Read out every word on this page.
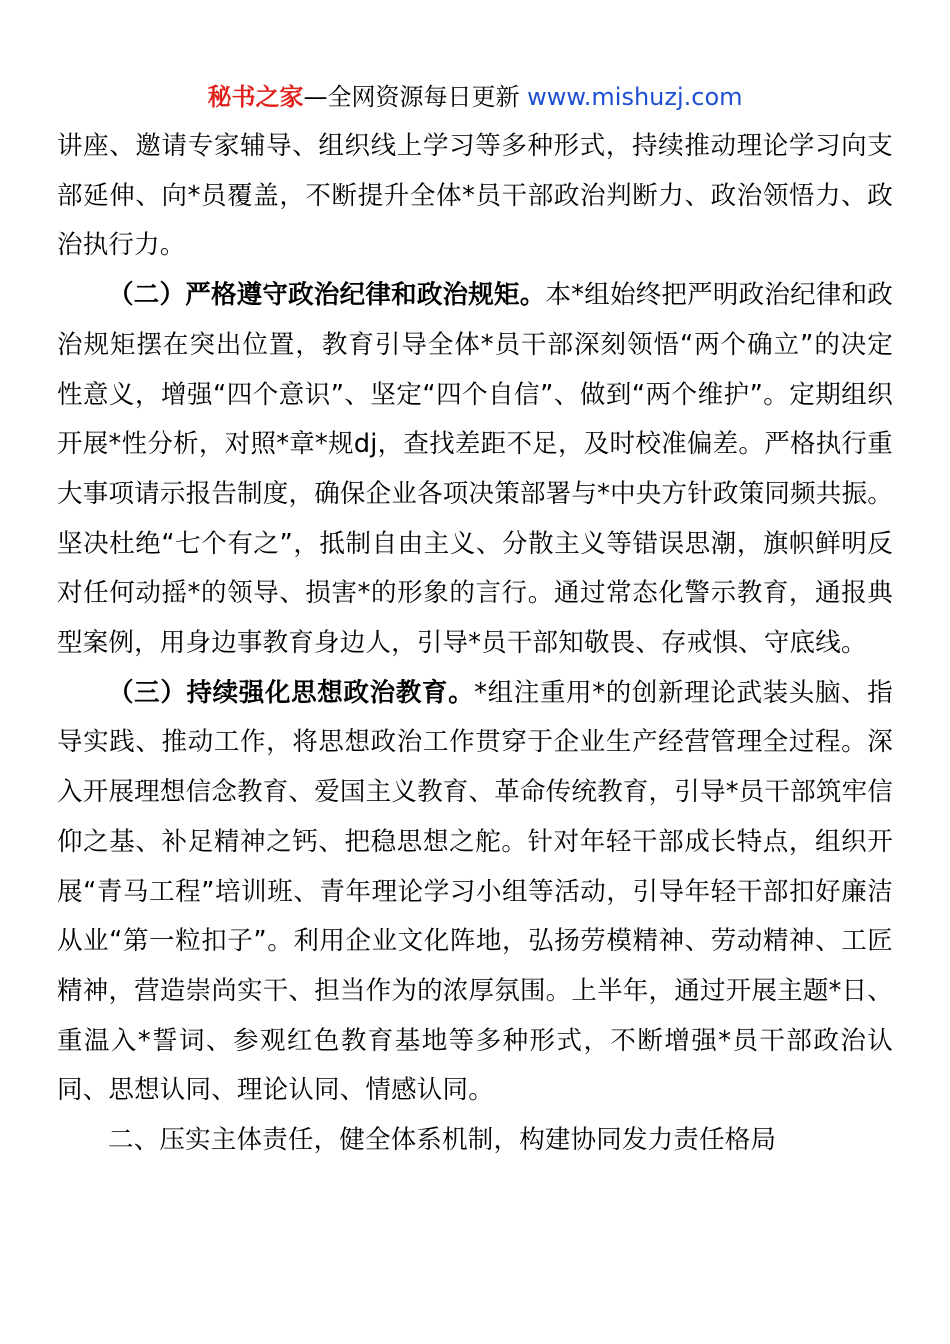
秘书之家—全网资源每日更新 www.mishuzj.com

讲座、邀请专家辅导、组织线上学习等多种形式，持续推动理论学习向支部延伸、向*员覆盖，不断提升全体*员干部政治判断力、政治领悟力、政治执行力。

（二）严格遵守政治纪律和政治规矩。本*组始终把严明政治纪律和政治规矩摆在突出位置，教育引导全体*员干部深刻领悟“两个确立”的决定性意义，增强“四个意识”、坚定“四个自信”、做到“两个维护”。定期组织开展*性分析，对照*章*规dj，查找差距不足，及时校准偏差。严格执行重大事项请示报告制度，确保企业各项决策部署与*中央方针政策同频共振。坚决杜绝“七个有之”，抵制自由主义、分散主义等错误思潮，旗帜鲜明反对任何动摇*的领导、损害*的形象的言行。通过常态化警示教育，通报典型案例，用身边事教育身边人，引导*员干部知敬畏、存戒惧、守底线。

（三）持续强化思想政治教育。*组注重用*的创新理论武装头脑、指导实践、推动工作，将思想政治工作贯穿于企业生产经营管理全过程。深入开展理想信念教育、爱国主义教育、革命传统教育，引导*员干部筑牢信仰之基、补足精神之钙、把稳思想之舵。针对年轻干部成长特点，组织开展“青马工程”培训班、青年理论学习小组等活动，引导年轻干部扣好廉洁从业“第一粒扣子”。利用企业文化阵地，弘扬劳模精神、劳动精神、工匠精神，营造崇尚实干、担当作为的浓厚氛围。上半年，通过开展主题*日、重温入*誓词、参观红色教育基地等多种形式，不断增强*员干部政治认同、思想认同、理论认同、情感认同。

二、压实主体责任，健全体系机制，构建协同发力责任格局
